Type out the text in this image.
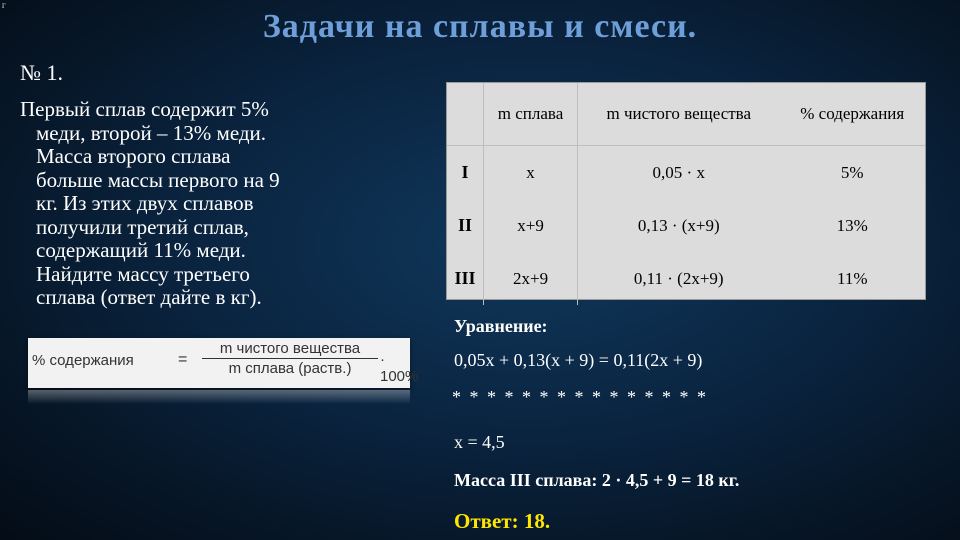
г
Задачи на сплавы и смеси.
№ 1.
Первый сплав содержит 5%
меди, второй – 13% меди.
Масса второго сплава
больше массы первого на 9
кг. Из этих двух сплавов
получили третий сплав,
содержащий 11% меди.
Найдите массу третьего
сплава (ответ дайте в кг).
% содержания	=
m чистого вещества
m сплава (раств.)
· 100%
	m сплава	m чистого вещества	% содержания
I	x	0,05 · x	5%
II	x+9	0,13 · (x+9)	13%
III	2x+9	0,11 · (2x+9)	11%
Уравнение:
0,05x + 0,13(x + 9) = 0,11(2x + 9)
* * * * * * * * * * * * * * *
x = 4,5
Масса III сплава: 2 · 4,5 + 9 = 18 кг.
Ответ: 18.
